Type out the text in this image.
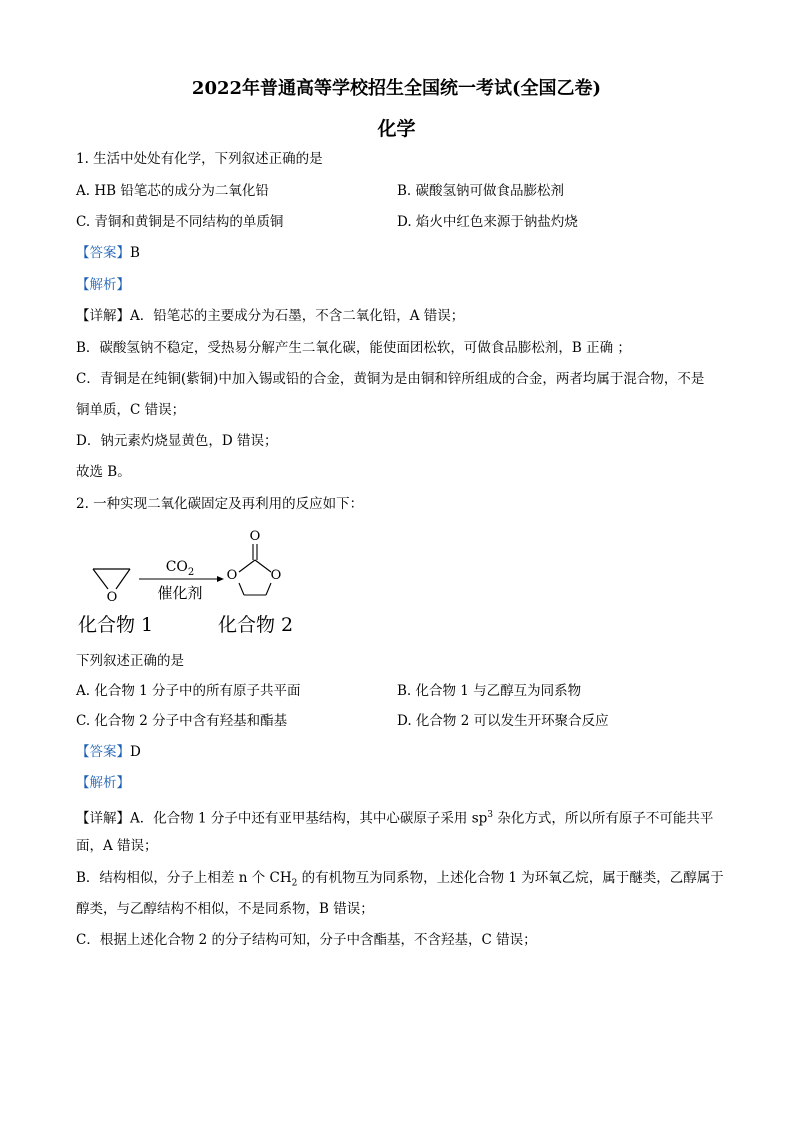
2022年普通高等学校招生全国统一考试(全国乙卷)
化学
1. 生活中处处有化学，下列叙述正确的是
A. HB 铅笔芯的成分为二氧化铅	B. 碳酸氢钠可做食品膨松剂
C. 青铜和黄铜是不同结构的单质铜	D. 焰火中红色来源于钠盐灼烧
【答案】B
【解析】
【详解】A．铅笔芯的主要成分为石墨，不含二氧化铅，A 错误；
B．碳酸氢钠不稳定，受热易分解产生二氧化碳，能使面团松软，可做食品膨松剂，B 正确 ；
C．青铜是在纯铜(紫铜)中加入锡或铅的合金，黄铜为是由铜和锌所组成的合金，两者均属于混合物，不是
铜单质，C 错误；
D．钠元素灼烧显黄色，D 错误；
故选 B。
2. 一种实现二氧化碳固定及再利用的反应如下：
O
$CO_2$
催化剂
O
O	O
化合物 1	化合物 2
下列叙述正确的是
A. 化合物 1 分子中的所有原子共平面	B. 化合物 1 与乙醇互为同系物
C. 化合物 2 分子中含有羟基和酯基	D. 化合物 2 可以发生开环聚合反应
【答案】D
【解析】
【详解】A．化合物 1 分子中还有亚甲基结构，其中心碳原子采用 $sp^3$ 杂化方式，所以所有原子不可能共平
面，A 错误；
B．结构相似，分子上相差 n 个 $CH_2$ 的有机物互为同系物，上述化合物 1 为环氧乙烷，属于醚类，乙醇属于
醇类，与乙醇结构不相似，不是同系物，B 错误；
C．根据上述化合物 2 的分子结构可知，分子中含酯基，不含羟基，C 错误；
